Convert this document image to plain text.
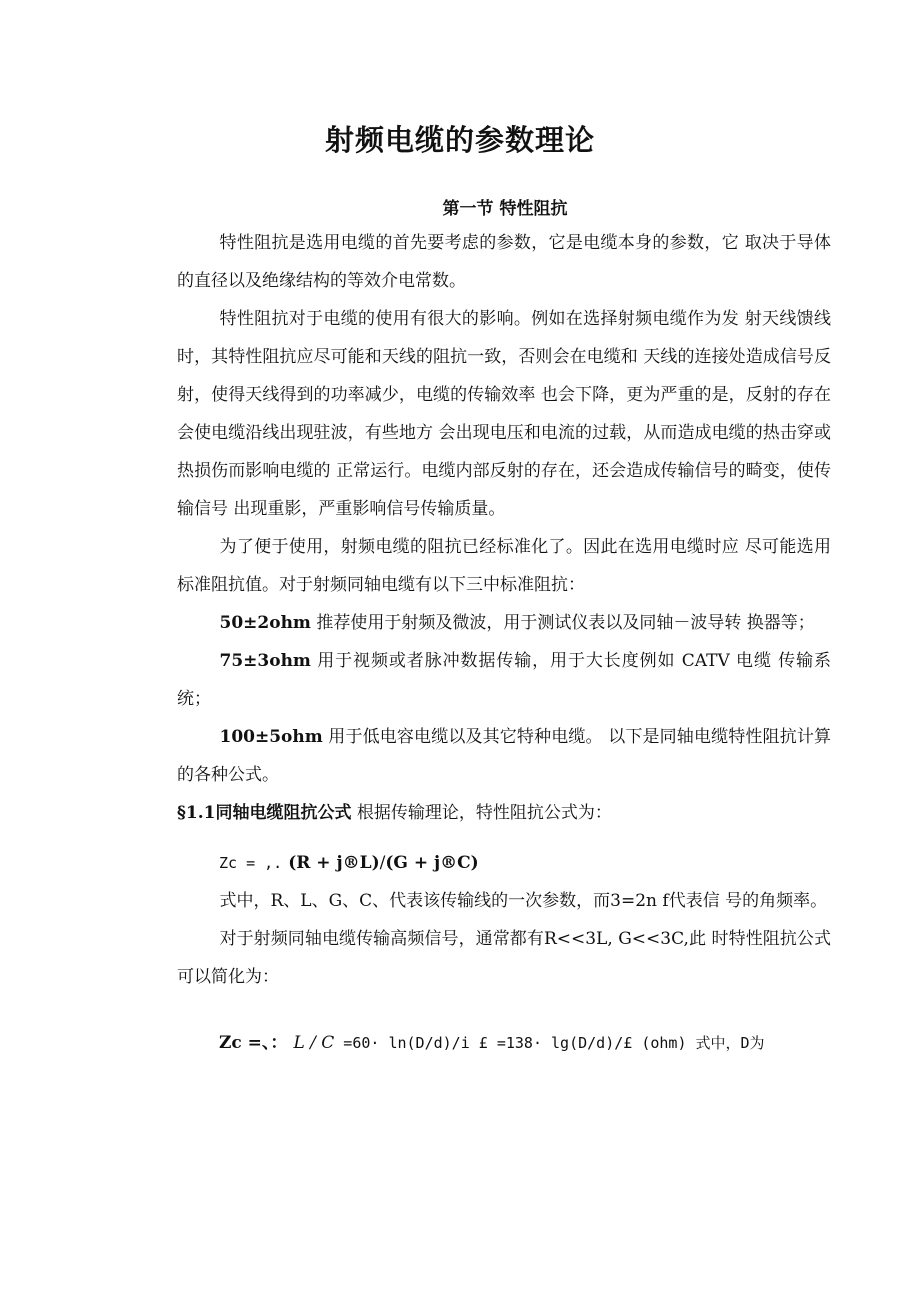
射频电缆的参数理论
第一节 特性阻抗

特性阻抗是选用电缆的首先要考虑的参数，它是电缆本身的参数，它 取决于导体的直径以及绝缘结构的等效介电常数。

特性阻抗对于电缆的使用有很大的影响。例如在选择射频电缆作为发 射天线馈线时，其特性阻抗应尽可能和天线的阻抗一致，否则会在电缆和 天线的连接处造成信号反射，使得天线得到的功率减少，电缆的传输效率 也会下降，更为严重的是，反射的存在会使电缆沿线出现驻波，有些地方 会出现电压和电流的过载，从而造成电缆的热击穿或热损伤而影响电缆的 正常运行。电缆内部反射的存在，还会造成传输信号的畸变，使传输信号 出现重影，严重影响信号传输质量。

为了便于使用，射频电缆的阻抗已经标准化了。因此在选用电缆时应 尽可能选用标准阻抗值。对于射频同轴电缆有以下三中标准阻抗：

50±2ohm 推荐使用于射频及微波，用于测试仪表以及同轴－波导转 换器等；

75±3ohm 用于视频或者脉冲数据传输，用于大长度例如 CATV 电缆 传输系统；

100±5ohm 用于低电容电缆以及其它特种电缆。 以下是同轴电缆特性阻抗计算的各种公式。

§1.1同轴电缆阻抗公式 根据传输理论，特性阻抗公式为：

Zc = ,. (R + j®L)/(G + j®C)

式中，R、L、G、C、代表该传输线的一次参数，而3=2n f代表信 号的角频率。

对于射频同轴电缆传输高频信号，通常都有R<<3L, G<<3C,此 时特性阻抗公式可以简化为：

Zc =、： L / C =60· ln(D/d)/i £ =138· lg(D/d)/£ (ohm) 式中，D为
